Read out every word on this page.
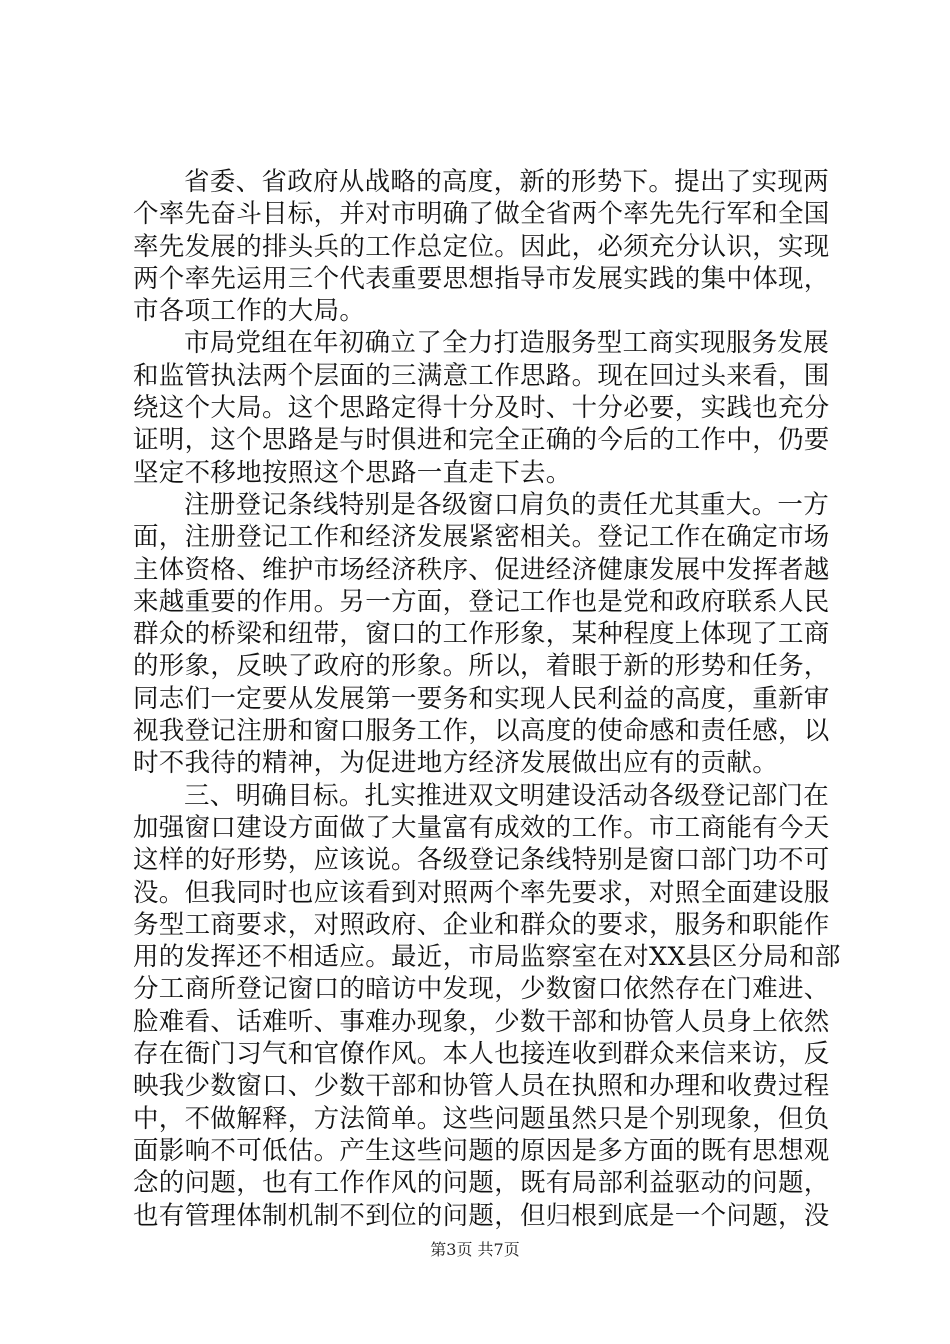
省委、省政府从战略的高度，新的形势下。提出了实现两
个率先奋斗目标，并对市明确了做全省两个率先先行军和全国
率先发展的排头兵的工作总定位。因此，必须充分认识，实现
两个率先运用三个代表重要思想指导市发展实践的集中体现，
市各项工作的大局。
市局党组在年初确立了全力打造服务型工商实现服务发展
和监管执法两个层面的三满意工作思路。现在回过头来看，围
绕这个大局。这个思路定得十分及时、十分必要，实践也充分
证明，这个思路是与时俱进和完全正确的今后的工作中，仍要
坚定不移地按照这个思路一直走下去。
注册登记条线特别是各级窗口肩负的责任尤其重大。一方
面，注册登记工作和经济发展紧密相关。登记工作在确定市场
主体资格、维护市场经济秩序、促进经济健康发展中发挥者越
来越重要的作用。另一方面，登记工作也是党和政府联系人民
群众的桥梁和纽带，窗口的工作形象，某种程度上体现了工商
的形象，反映了政府的形象。所以，着眼于新的形势和任务，
同志们一定要从发展第一要务和实现人民利益的高度，重新审
视我登记注册和窗口服务工作，以高度的使命感和责任感，以
时不我待的精神，为促进地方经济发展做出应有的贡献。
三、明确目标。扎实推进双文明建设活动各级登记部门在
加强窗口建设方面做了大量富有成效的工作。市工商能有今天
这样的好形势，应该说。各级登记条线特别是窗口部门功不可
没。但我同时也应该看到对照两个率先要求，对照全面建设服
务型工商要求，对照政府、企业和群众的要求，服务和职能作
用的发挥还不相适应。最近，市局监察室在对XX县区分局和部
分工商所登记窗口的暗访中发现，少数窗口依然存在门难进、
脸难看、话难听、事难办现象，少数干部和协管人员身上依然
存在衙门习气和官僚作风。本人也接连收到群众来信来访，反
映我少数窗口、少数干部和协管人员在执照和办理和收费过程
中，不做解释，方法简单。这些问题虽然只是个别现象，但负
面影响不可低估。产生这些问题的原因是多方面的既有思想观
念的问题，也有工作作风的问题，既有局部利益驱动的问题，
也有管理体制机制不到位的问题，但归根到底是一个问题，没
第3页 共7页
